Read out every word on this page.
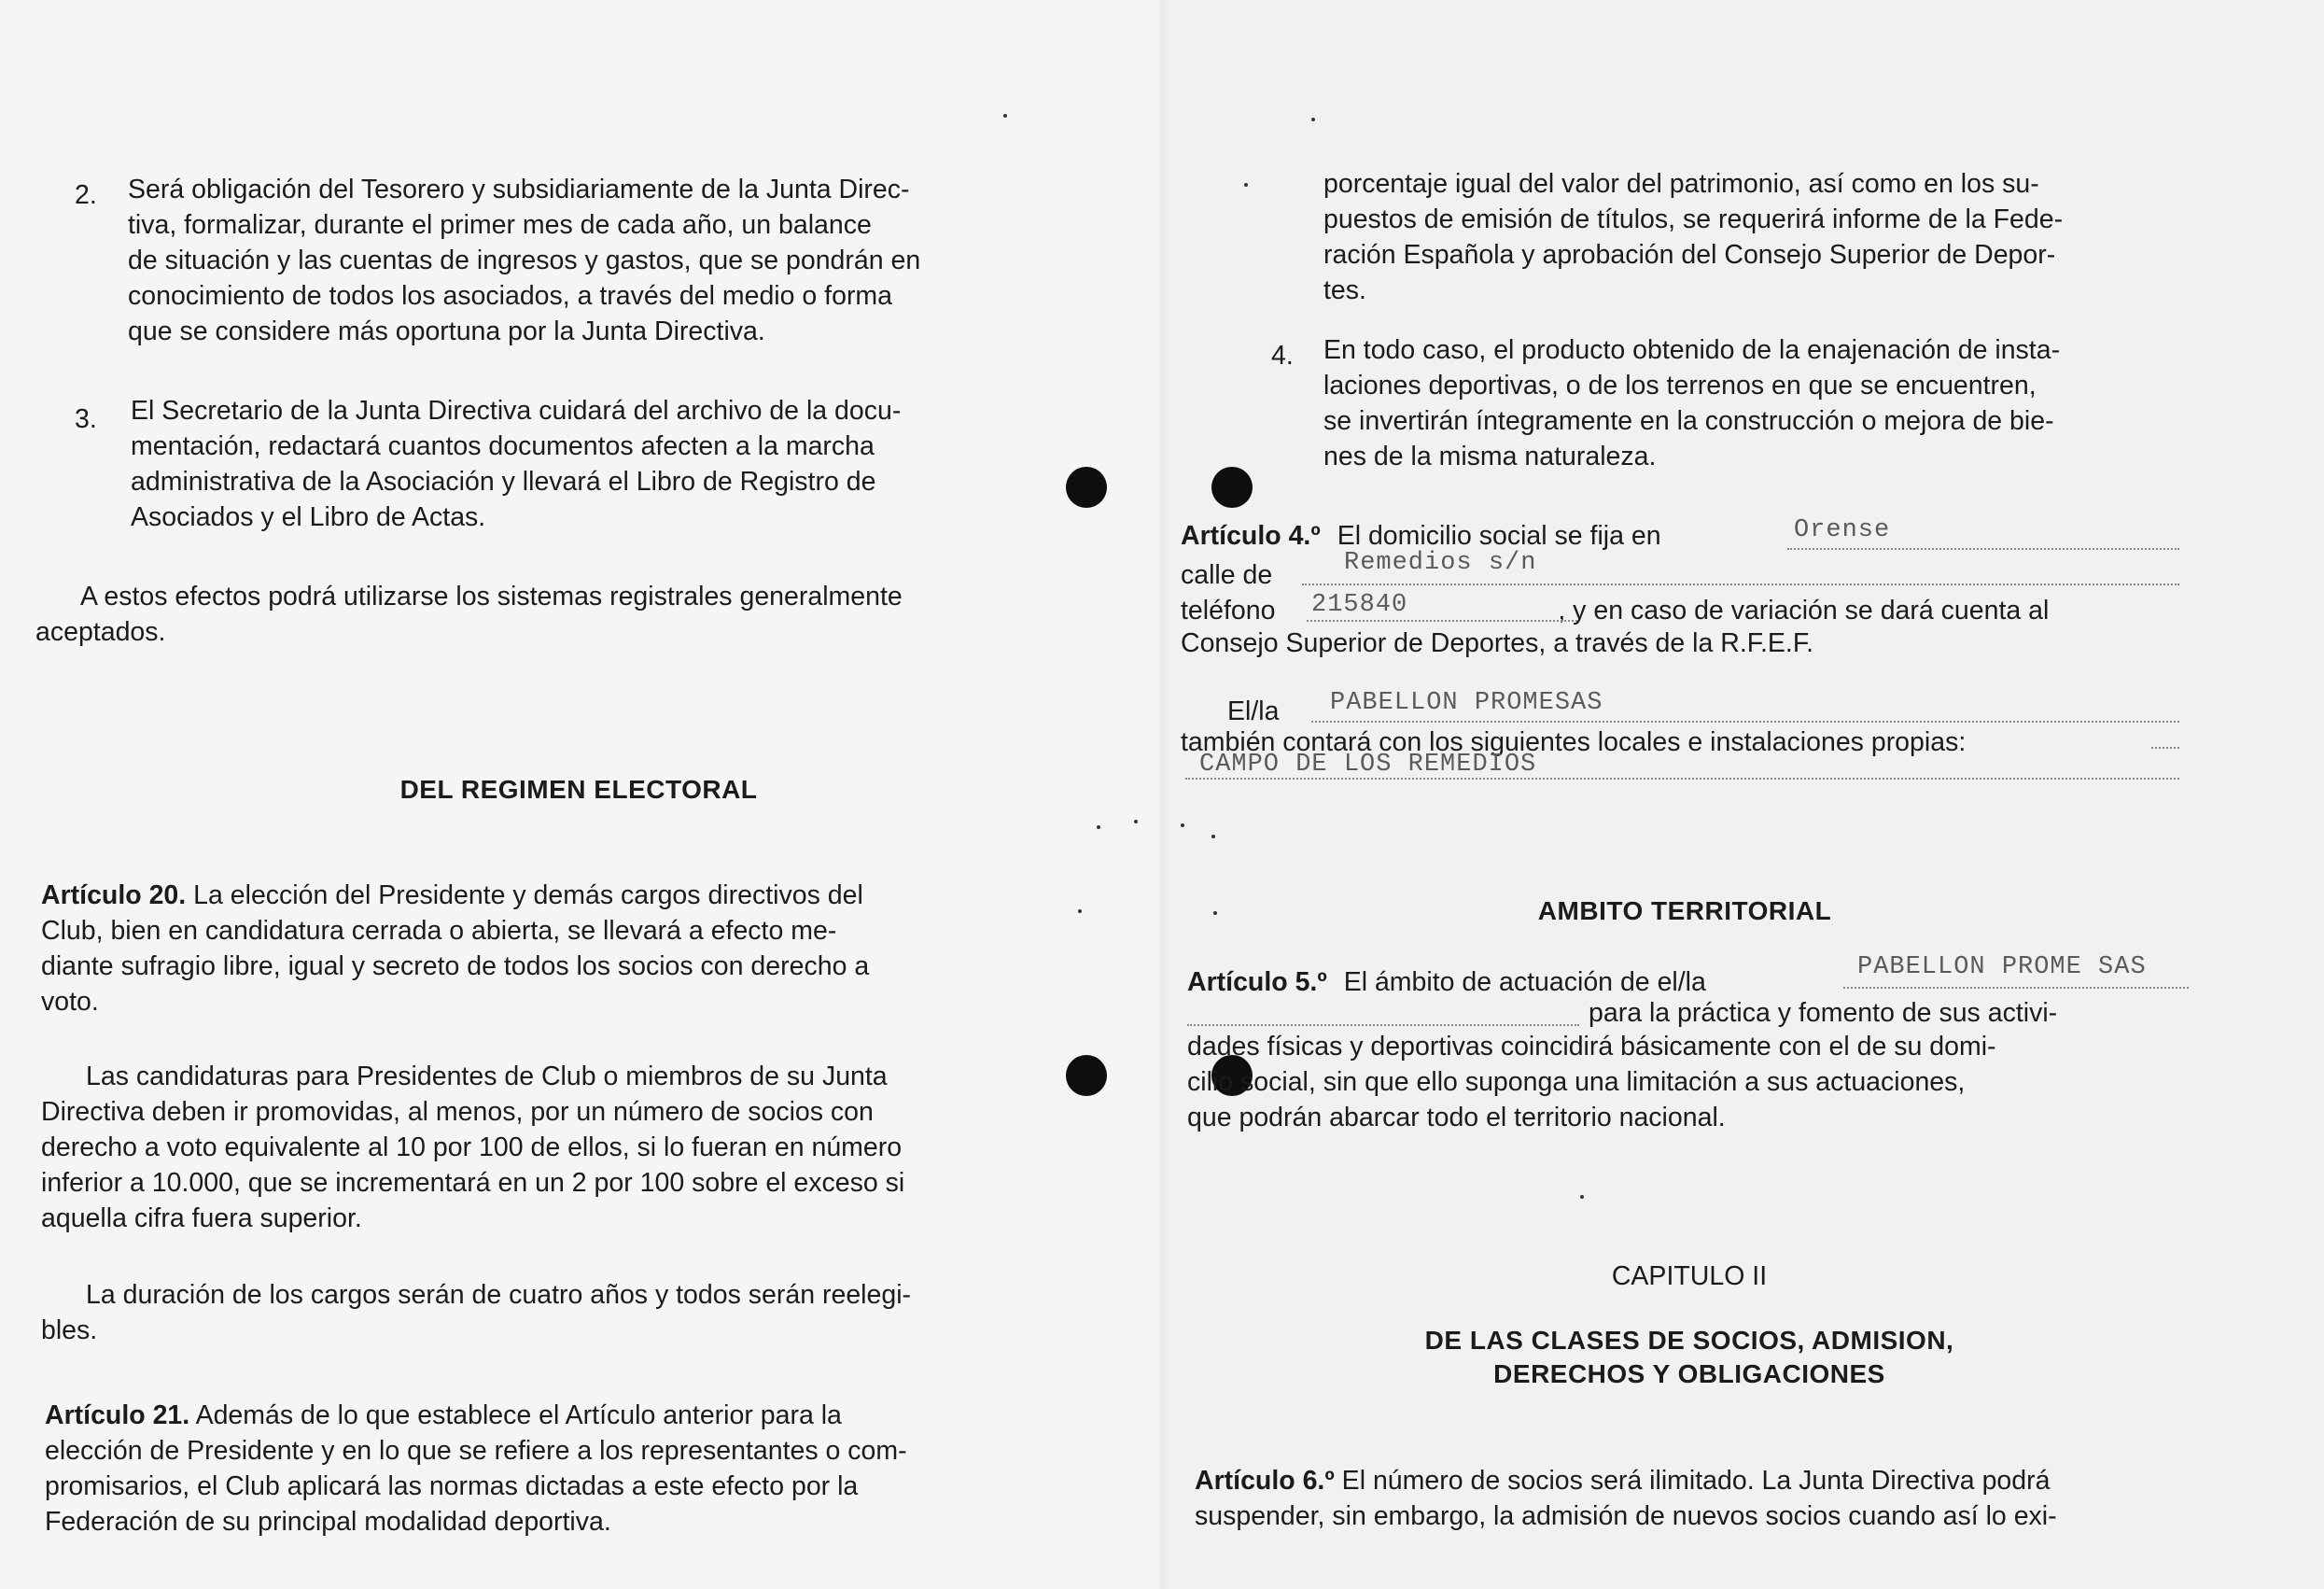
2. Será obligación del Tesorero y subsidiariamente de la Junta Direc-
tiva, formalizar, durante el primer mes de cada año, un balance
de situación y las cuentas de ingresos y gastos, que se pondrán en
conocimiento de todos los asociados, a través del medio o forma
que se considere más oportuna por la Junta Directiva.
3. El Secretario de la Junta Directiva cuidará del archivo de la docu-
mentación, redactará cuantos documentos afecten a la marcha
administrativa de la Asociación y llevará el Libro de Registro de
Asociados y el Libro de Actas.
A estos efectos podrá utilizarse los sistemas registrales generalmente
aceptados.
DEL REGIMEN ELECTORAL
Artículo 20. La elección del Presidente y demás cargos directivos del
Club, bien en candidatura cerrada o abierta, se llevará a efecto me-
diante sufragio libre, igual y secreto de todos los socios con derecho a
voto.
Las candidaturas para Presidentes de Club o miembros de su Junta
Directiva deben ir promovidas, al menos, por un número de socios con
derecho a voto equivalente al 10 por 100 de ellos, si lo fueran en número
inferior a 10.000, que se incrementará en un 2 por 100 sobre el exceso si
aquella cifra fuera superior.
La duración de los cargos serán de cuatro años y todos serán reelegi-
bles.
Artículo 21. Además de lo que establece el Artículo anterior para la
elección de Presidente y en lo que se refiere a los representantes o com-
promisarios, el Club aplicará las normas dictadas a este efecto por la
Federación de su principal modalidad deportiva.
porcentaje igual del valor del patrimonio, así como en los su-
puestos de emisión de títulos, se requerirá informe de la Fede-
ración Española y aprobación del Consejo Superior de Depor-
tes.
4. En todo caso, el producto obtenido de la enajenación de insta-
laciones deportivas, o de los terrenos en que se encuentren,
se invertirán íntegramente en la construcción o mejora de bie-
nes de la misma naturaleza.
Artículo 4.º El domicilio social se fija en	Orense
calle de	Remedios s/n
teléfono	, y en caso de variación se dará cuenta al
215840
Consejo Superior de Deportes, a través de la R.F.E.F.
El/la PABELLON PROMESAS
también contará con los siguientes locales e instalaciones propias:
CAMPO DE LOS REMEDIOS
AMBITO TERRITORIAL
Artículo 5.º El ámbito de actuación de el/la	PABELLON PROME SAS
para la práctica y fomento de sus activi-
dades físicas y deportivas coincidirá básicamente con el de su domi-
cilio social, sin que ello suponga una limitación a sus actuaciones,
que podrán abarcar todo el territorio nacional.
CAPITULO II
DE LAS CLASES DE SOCIOS, ADMISION,
DERECHOS Y OBLIGACIONES
Artículo 6.º El número de socios será ilimitado. La Junta Directiva podrá
suspender, sin embargo, la admisión de nuevos socios cuando así lo exi-
